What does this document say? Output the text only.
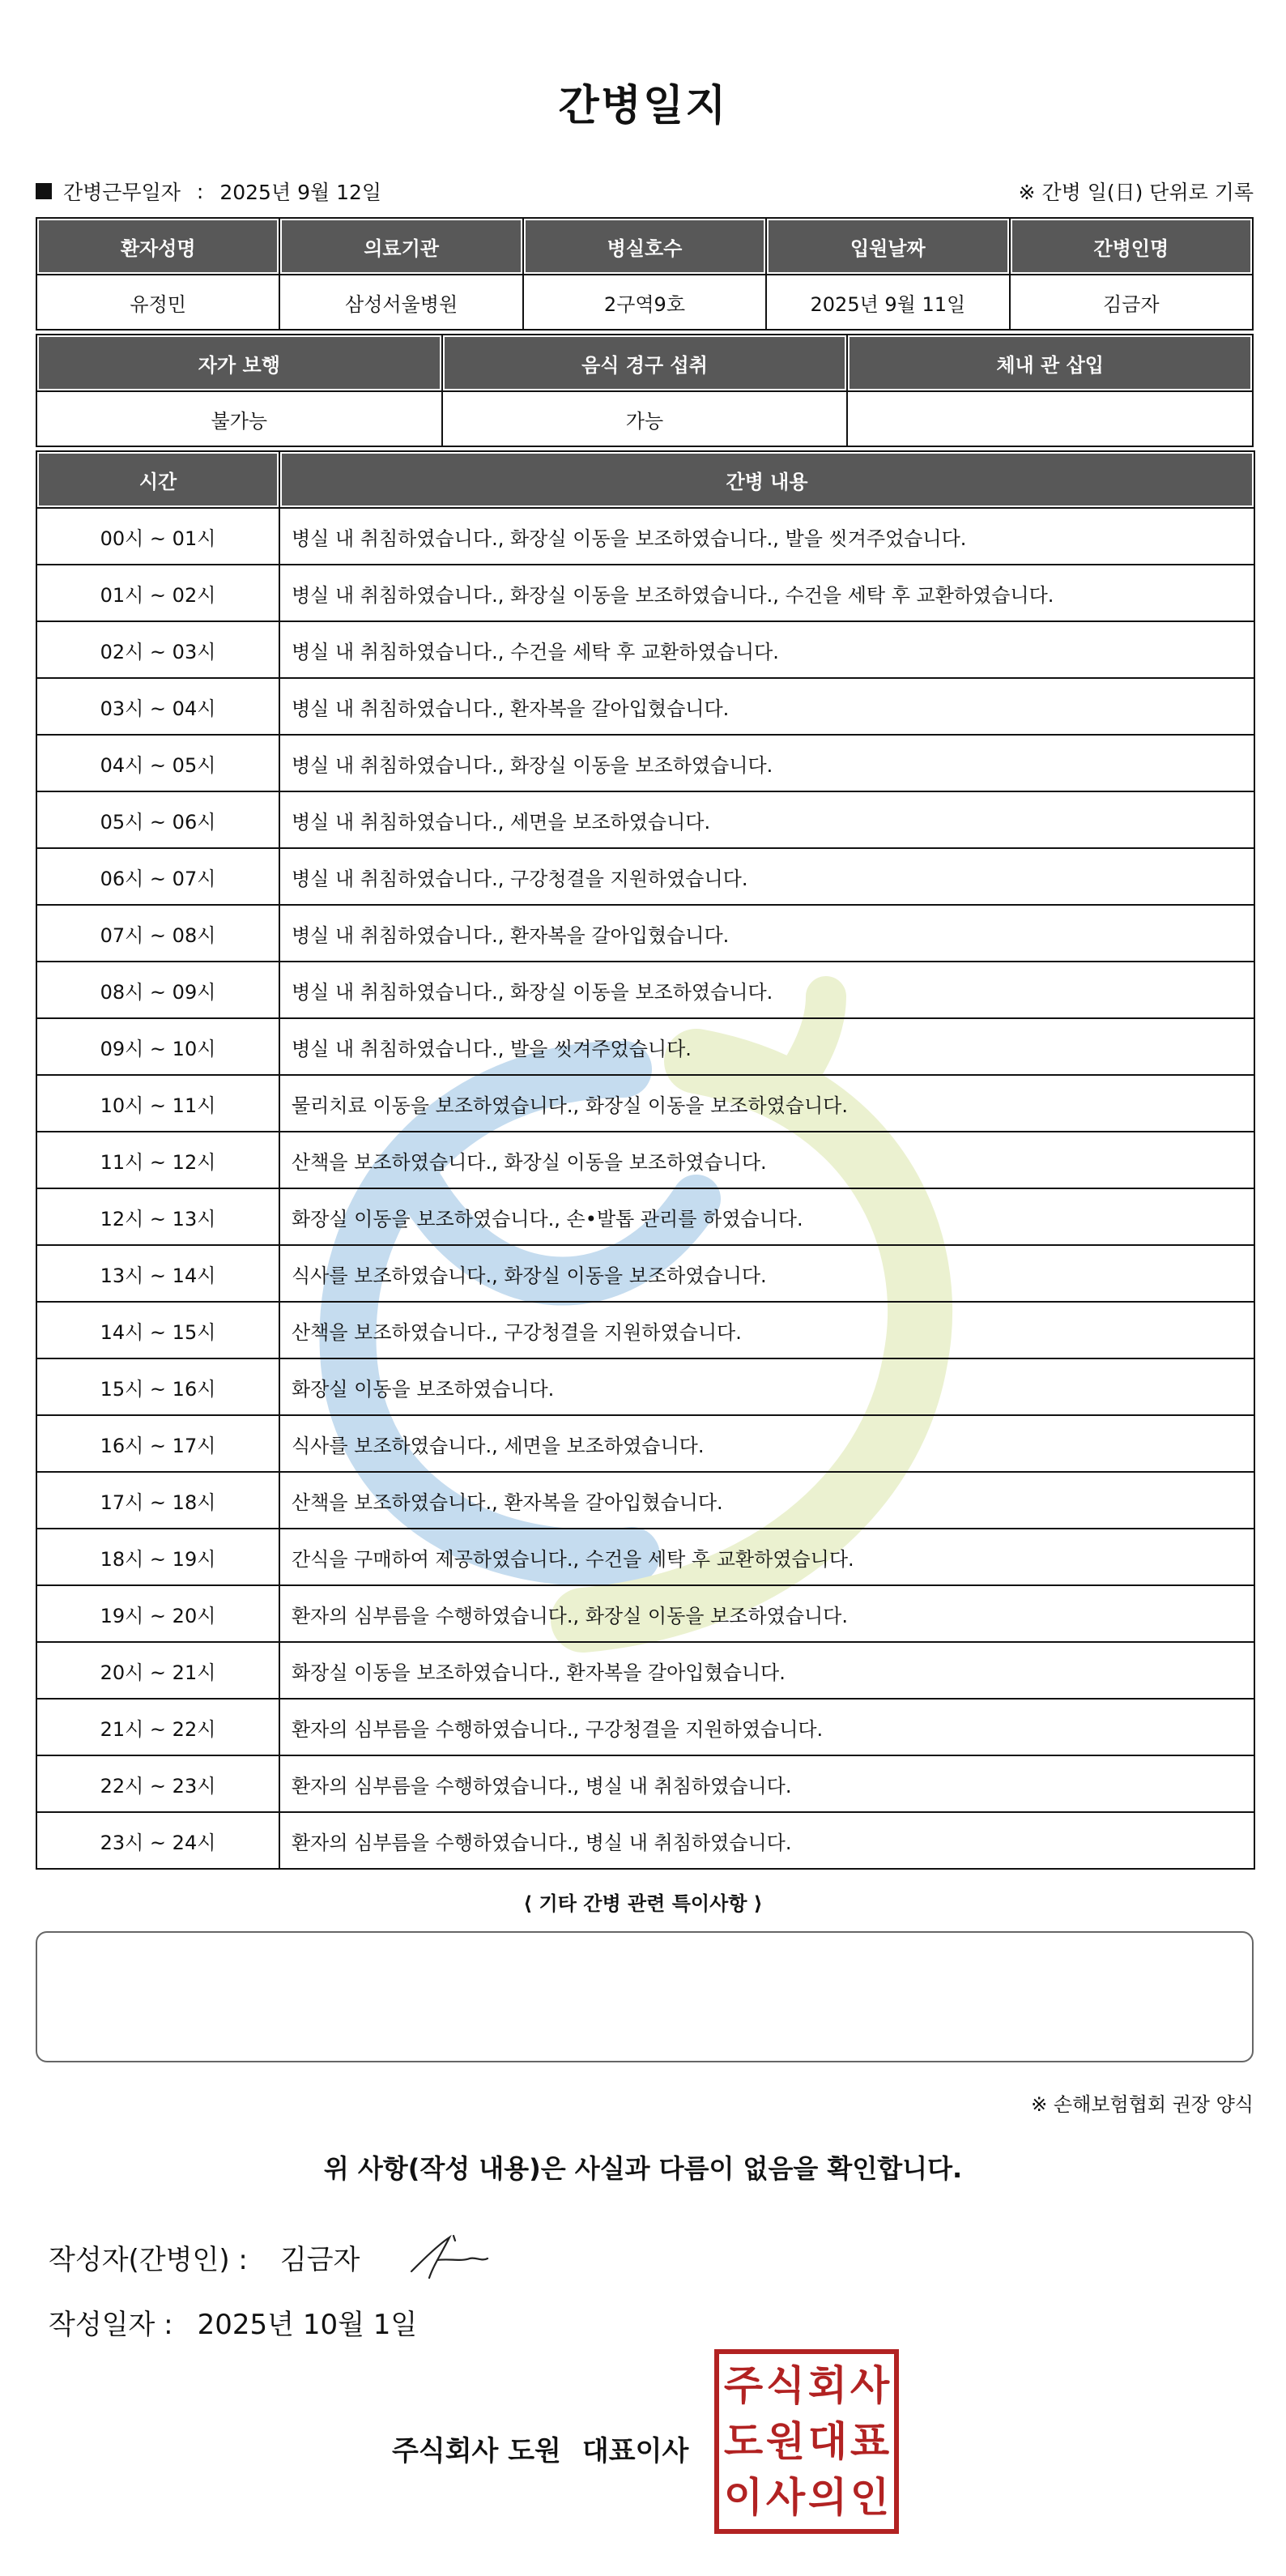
간병일지
간병근무일자 : 2025년 9월 12일	※ 간병 일(日) 단위로 기록
환자성명	의료기관	병실호수	입원날짜	간병인명
유정민	삼성서울병원	2구역9호	2025년 9월 11일	김금자
자가 보행	음식 경구 섭취	체내 관 삽입
불가능	가능	
시간	간병 내용
00시 ~ 01시	병실 내 취침하였습니다., 화장실 이동을 보조하였습니다., 발을 씻겨주었습니다.
01시 ~ 02시	병실 내 취침하였습니다., 화장실 이동을 보조하였습니다., 수건을 세탁 후 교환하였습니다.
02시 ~ 03시	병실 내 취침하였습니다., 수건을 세탁 후 교환하였습니다.
03시 ~ 04시	병실 내 취침하였습니다., 환자복을 갈아입혔습니다.
04시 ~ 05시	병실 내 취침하였습니다., 화장실 이동을 보조하였습니다.
05시 ~ 06시	병실 내 취침하였습니다., 세면을 보조하였습니다.
06시 ~ 07시	병실 내 취침하였습니다., 구강청결을 지원하였습니다.
07시 ~ 08시	병실 내 취침하였습니다., 환자복을 갈아입혔습니다.
08시 ~ 09시	병실 내 취침하였습니다., 화장실 이동을 보조하였습니다.
09시 ~ 10시	병실 내 취침하였습니다., 발을 씻겨주었습니다.
10시 ~ 11시	물리치료 이동을 보조하였습니다., 화장실 이동을 보조하였습니다.
11시 ~ 12시	산책을 보조하였습니다., 화장실 이동을 보조하였습니다.
12시 ~ 13시	화장실 이동을 보조하였습니다., 손•발톱 관리를 하였습니다.
13시 ~ 14시	식사를 보조하였습니다., 화장실 이동을 보조하였습니다.
14시 ~ 15시	산책을 보조하였습니다., 구강청결을 지원하였습니다.
15시 ~ 16시	화장실 이동을 보조하였습니다.
16시 ~ 17시	식사를 보조하였습니다., 세면을 보조하였습니다.
17시 ~ 18시	산책을 보조하였습니다., 환자복을 갈아입혔습니다.
18시 ~ 19시	간식을 구매하여 제공하였습니다., 수건을 세탁 후 교환하였습니다.
19시 ~ 20시	환자의 심부름을 수행하였습니다., 화장실 이동을 보조하였습니다.
20시 ~ 21시	화장실 이동을 보조하였습니다., 환자복을 갈아입혔습니다.
21시 ~ 22시	환자의 심부름을 수행하였습니다., 구강청결을 지원하였습니다.
22시 ~ 23시	환자의 심부름을 수행하였습니다., 병실 내 취침하였습니다.
23시 ~ 24시	환자의 심부름을 수행하였습니다., 병실 내 취침하였습니다.
⟨ 기타 간병 관련 특이사항 ⟩
※ 손해보험협회 권장 양식
위 사항(작성 내용)은 사실과 다름이 없음을 확인합니다.
작성자(간병인) : 김금자
작성일자 : 2025년 10월 1일
주식회사 도원 대표이사
주 식 회 사
도 원 대 표
이 사 의 인
